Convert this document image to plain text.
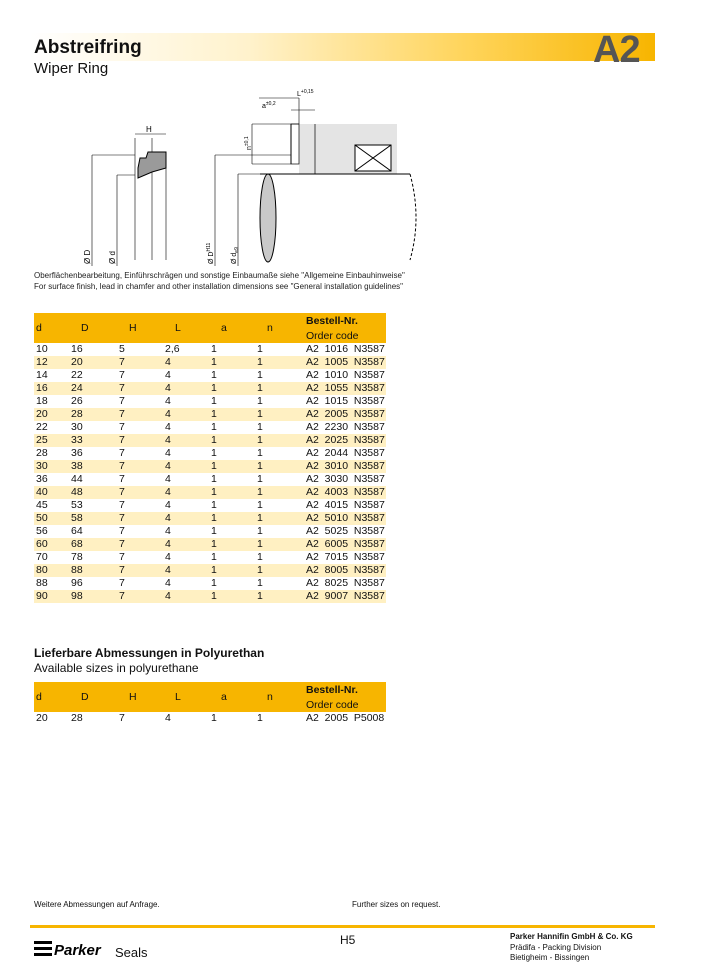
Abstreifring
Wiper Ring	A2
H
Ø D Ø d
$a^{\pm 0,2}$
$L^{+0,15}$
$n^{\pm 0,1}$
Ø $D^{H11}$
Ø $d_{e9}$
Oberflächenbearbeitung, Einführschrägen und sonstige Einbaumaße siehe "Allgemeine Einbauhinweise"
For surface finish, lead in chamfer and other installation dimensions see "General installation guidelines"
d	D	H	L	a	n	Bestell-Nr.
						Order code
10	16	5	2,6	1	1	A2  1016  N3587
12	20	7	4	1	1	A2  1005  N3587
14	22	7	4	1	1	A2  1010  N3587
16	24	7	4	1	1	A2  1055  N3587
18	26	7	4	1	1	A2  1015  N3587
20	28	7	4	1	1	A2  2005  N3587
22	30	7	4	1	1	A2  2230  N3587
25	33	7	4	1	1	A2  2025  N3587
28	36	7	4	1	1	A2  2044  N3587
30	38	7	4	1	1	A2  3010  N3587
36	44	7	4	1	1	A2  3030  N3587
40	48	7	4	1	1	A2  4003  N3587
45	53	7	4	1	1	A2  4015  N3587
50	58	7	4	1	1	A2  5010  N3587
56	64	7	4	1	1	A2  5025  N3587
60	68	7	4	1	1	A2  6005  N3587
70	78	7	4	1	1	A2  7015  N3587
80	88	7	4	1	1	A2  8005  N3587
88	96	7	4	1	1	A2  8025  N3587
90	98	7	4	1	1	A2  9007  N3587
Lieferbare Abmessungen in Polyurethan
Available sizes in polyurethane
d	D	H	L	a	n	Bestell-Nr.
						Order code
20	28	7	4	1	1	A2  2005  P5008
Weitere Abmessungen auf Anfrage.	Further sizes on request.
Parker Seals
H5	Parker Hannifin GmbH & Co. KG
Prädifa - Packing Division
Bietigheim - Bissingen
